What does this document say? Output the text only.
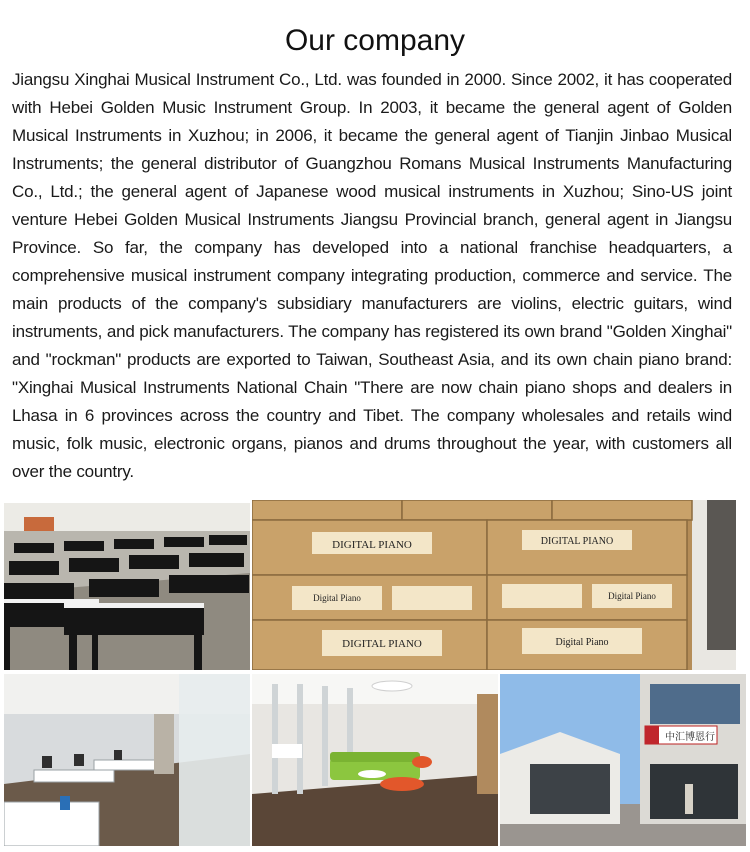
Our company
Jiangsu Xinghai Musical Instrument Co., Ltd. was founded in 2000. Since 2002, it has cooperated with Hebei Golden Music Instrument Group. In 2003, it became the general agent of Golden Musical Instruments in Xuzhou; in 2006, it became the general agent of Tianjin Jinbao Musical Instruments; the general distributor of Guangzhou Romans Musical Instruments Manufacturing Co., Ltd.; the general agent of Japanese wood musical instruments in Xuzhou; Sino-US joint venture Hebei Golden Musical Instruments Jiangsu Provincial branch, general agent in Jiangsu Province. So far, the company has developed into a national franchise headquarters, a comprehensive musical instrument company integrating production, commerce and service. The main products of the company's subsidiary manufacturers are violins, electric guitars, wind instruments, and pick manufacturers. The company has registered its own brand "Golden Xinghai" and "rockman" products are exported to Taiwan, Southeast Asia, and its own chain piano brand: "Xinghai Musical Instruments National Chain "There are now chain piano shops and dealers in Lhasa in 6 provinces across the country and Tibet. The company wholesales and retails wind music, folk music, electronic organs, pianos and drums throughout the year, with customers all over the country.
DIGITAL PIANO	DIGITAL PIANO
Digital Piano	Digital Piano
DIGITAL PIANO	Digital Piano
中汇博恩行
